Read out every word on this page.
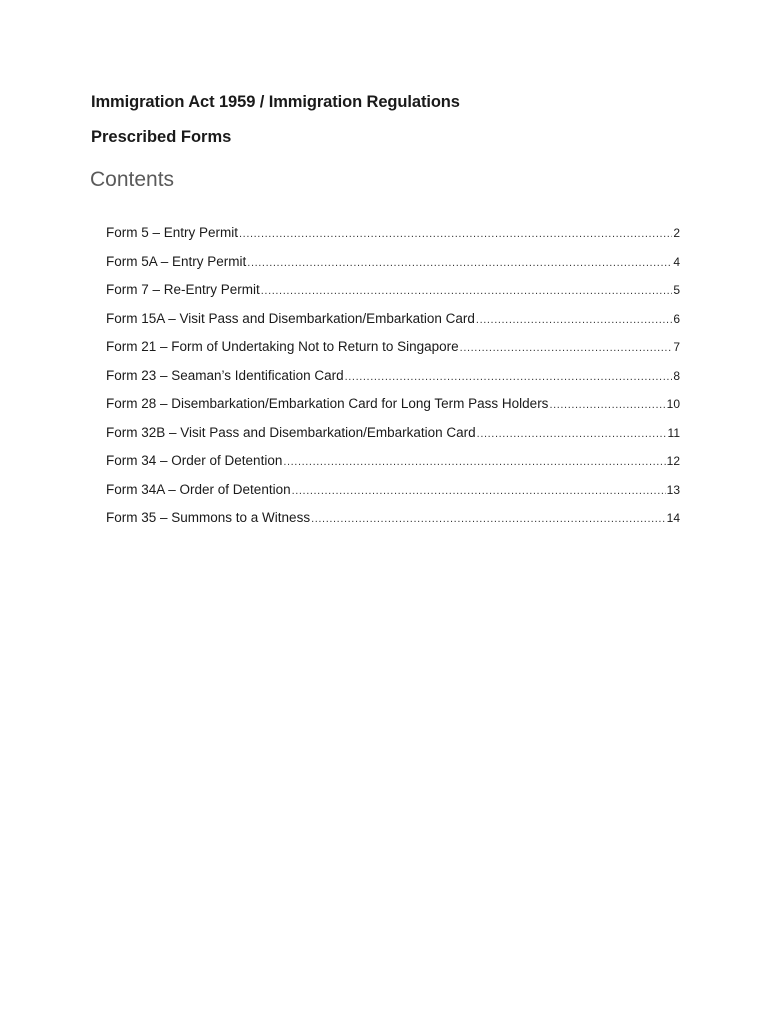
Immigration Act 1959 / Immigration Regulations
Prescribed Forms
Contents
Form 5 – Entry Permit .....	2
Form 5A – Entry Permit .....	4
Form 7 – Re-Entry Permit .....	5
Form 15A – Visit Pass and Disembarkation/Embarkation Card .....	6
Form 21 – Form of Undertaking Not to Return to Singapore .....	7
Form 23 – Seaman’s Identification Card .....	8
Form 28 – Disembarkation/Embarkation Card for Long Term Pass Holders .....	10
Form 32B – Visit Pass and Disembarkation/Embarkation Card .....	11
Form 34 – Order of Detention .....	12
Form 34A – Order of Detention .....	13
Form 35 – Summons to a Witness .....	14
